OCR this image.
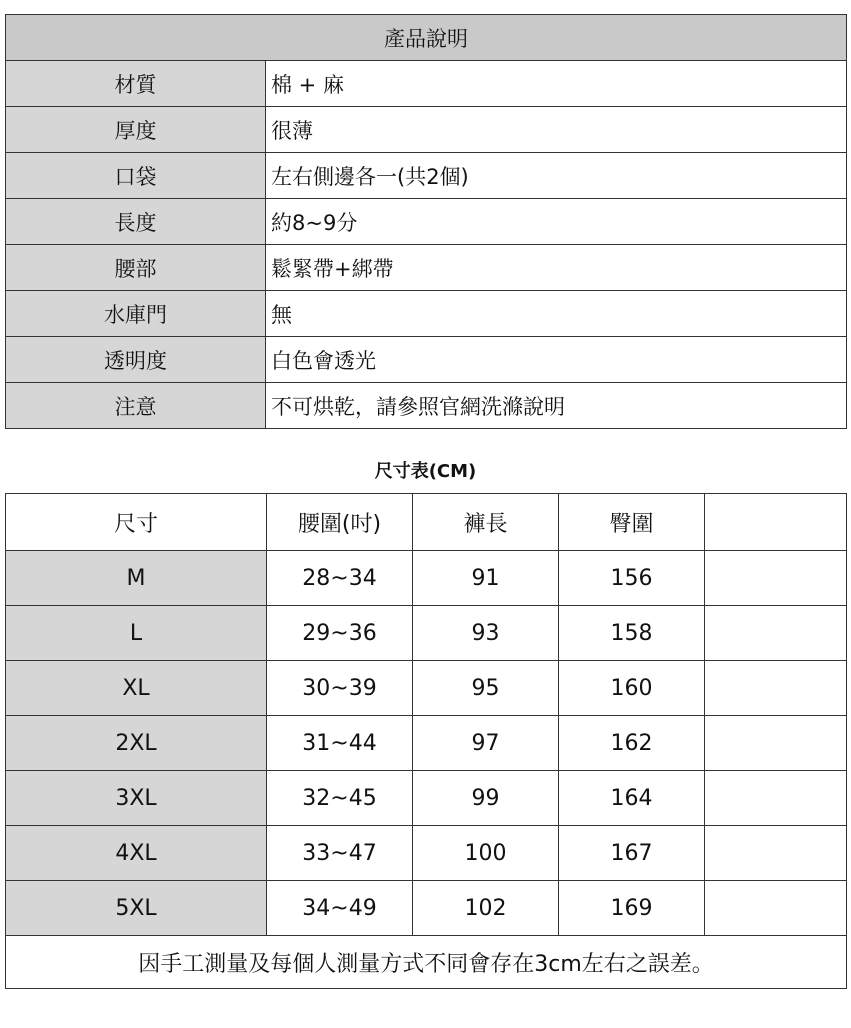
產品說明	
材質	棉 + 麻
厚度	很薄
口袋	左右側邊各一(共2個)
長度	約8~9分
腰部	鬆緊帶+綁帶
水庫門	無
透明度	白色會透光
注意	不可烘乾，請參照官網洗滌說明
尺寸表(CM)
尺寸	腰圍(吋)	褲長	臀圍	
M	28~34	91	156	
L	29~36	93	158	
XL	30~39	95	160	
2XL	31~44	97	162	
3XL	32~45	99	164	
4XL	33~47	100	167	
5XL	34~49	102	169	
因手工測量及每個人測量方式不同會存在3cm左右之誤差。				
